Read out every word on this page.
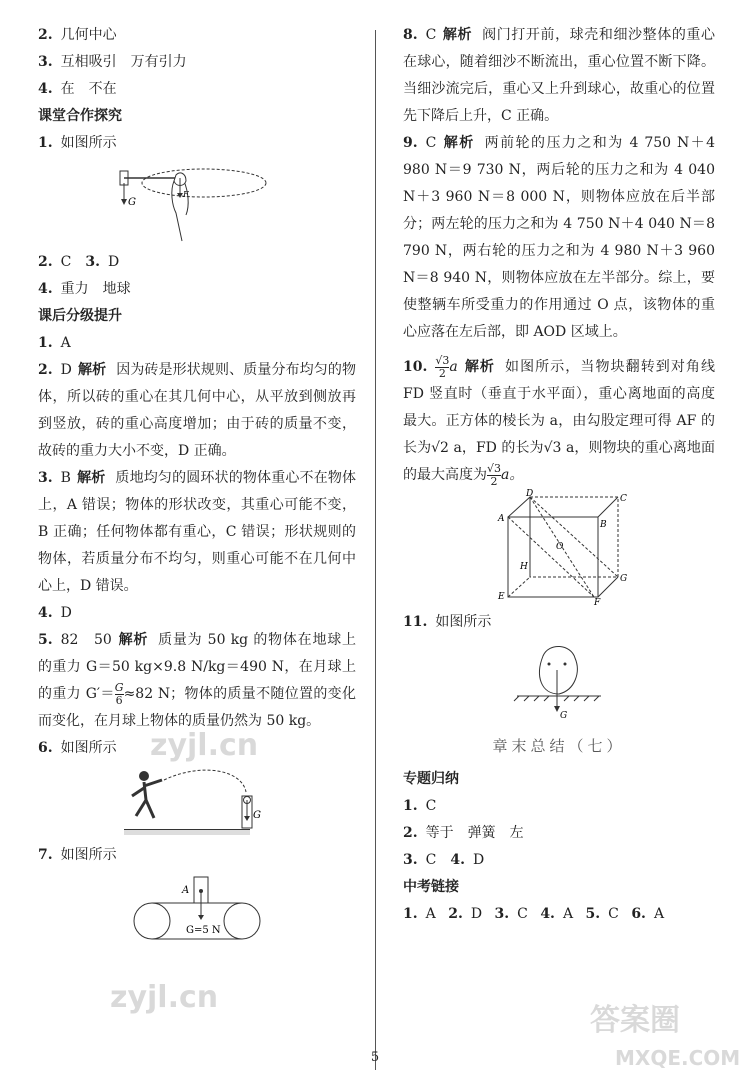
2. 几何中心
3. 互相吸引　万有引力
4. 在　不在
课堂合作探究
1. 如图所示
G
F
2. C　 3. D
4. 重力　地球
课后分级提升
1. A
2. D 解析 因为砖是形状规则、质量分布均匀的物体，所以砖的重心在其几何中心，从平放到侧放再到竖放，砖的重心高度增加；由于砖的质量不变，故砖的重力大小不变，D 正确。
3. B 解析 质地均匀的圆环状的物体重心不在物体上，A 错误；物体的形状改变，其重心可能不变，B 正确；任何物体都有重心，C 错误；形状规则的物体，若质量分布不均匀，则重心可能不在几何中心上，D 错误。
4. D
5. 82　50 解析 质量为 50 kg 的物体在地球上的重力 G＝50 kg×9.8 N/kg＝490 N，在月球上的重力 $G'= \frac{G}{6} \approx 82$ N；物体的质量不随位置的变化而变化，在月球上物体的质量仍然为 50 kg。
6. 如图所示
G
7. 如图所示
A
G=5 N
8. C 解析 阀门打开前，球壳和细沙整体的重心在球心，随着细沙不断流出，重心位置不断下降。当细沙流完后，重心又上升到球心，故重心的位置先下降后上升，C 正确。
9. C 解析 两前轮的压力之和为 4 750 N＋4 980 N＝9 730 N，两后轮的压力之和为 4 040 N＋3 960 N＝8 000 N，则物体应放在后半部分；两左轮的压力之和为 4 750 N＋4 040 N＝8 790 N，两右轮的压力之和为 4 980 N＋3 960 N＝8 940 N，则物体应放在左半部分。综上，要使整辆车所受重力的作用通过 O 点，该物体的重心应落在左后部，即 AOD 区域上。
10. $\frac{√3}{2}$ a 解析 如图所示，当物块翻转到对角线 FD 竖直时（垂直于水平面），重心离地面的高度最大。正方体的棱长为 a，由勾股定理可得 AF 的长为√2 a，FD 的长为√3 a，则物块的重心离地面的最大高度为 $\frac{√3}{2}$ a。
D	C
A
B
O
H
E
F
G
11. 如图所示
G
章末总结（七）
专题归纳
1. C
2. 等于　弹簧　左
3. C　 4. D
中考链接
1. A 2. D 3. C 4. A 5. C 6. A
5
zyjl.cn
zyjl.cn
答案圈
MXQE.COM
